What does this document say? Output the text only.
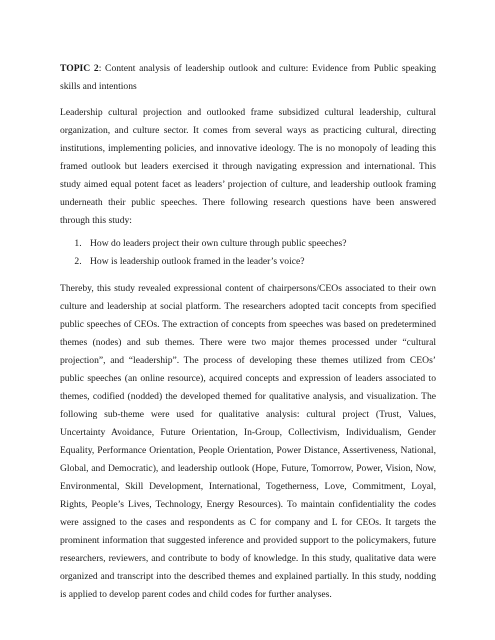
TOPIC 2: Content analysis of leadership outlook and culture: Evidence from Public speaking skills and intentions

Leadership cultural projection and outlooked frame subsidized cultural leadership, cultural organization, and culture sector. It comes from several ways as practicing cultural, directing institutions, implementing policies, and innovative ideology. The is no monopoly of leading this framed outlook but leaders exercised it through navigating expression and international. This study aimed equal potent facet as leaders’ projection of culture, and leadership outlook framing underneath their public speeches. There following research questions have been answered through this study:

1. How do leaders project their own culture through public speeches?
2. How is leadership outlook framed in the leader’s voice?

Thereby, this study revealed expressional content of chairpersons/CEOs associated to their own culture and leadership at social platform. The researchers adopted tacit concepts from specified public speeches of CEOs. The extraction of concepts from speeches was based on predetermined themes (nodes) and sub themes. There were two major themes processed under “cultural projection”, and “leadership”. The process of developing these themes utilized from CEOs’ public speeches (an online resource), acquired concepts and expression of leaders associated to themes, codified (nodded) the developed themed for qualitative analysis, and visualization. The following sub-theme were used for qualitative analysis: cultural project (Trust, Values, Uncertainty Avoidance, Future Orientation, In-Group, Collectivism, Individualism, Gender Equality, Performance Orientation, People Orientation, Power Distance, Assertiveness, National, Global, and Democratic), and leadership outlook (Hope, Future, Tomorrow, Power, Vision, Now, Environmental, Skill Development, International, Togetherness, Love, Commitment, Loyal, Rights, People’s Lives, Technology, Energy Resources). To maintain confidentiality the codes were assigned to the cases and respondents as C for company and L for CEOs. It targets the prominent information that suggested inference and provided support to the policymakers, future researchers, reviewers, and contribute to body of knowledge. In this study, qualitative data were organized and transcript into the described themes and explained partially. In this study, nodding is applied to develop parent codes and child codes for further analyses.
